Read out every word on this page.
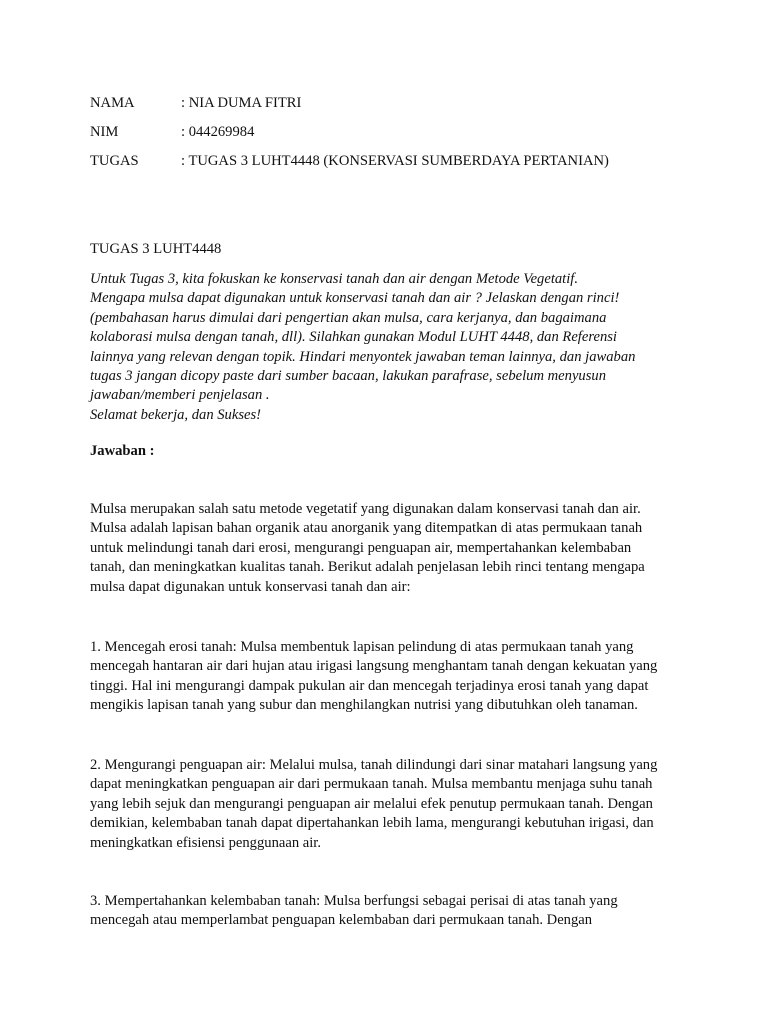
NAMA	: NIA DUMA FITRI
NIM	: 044269984
TUGAS	: TUGAS 3 LUHT4448 (KONSERVASI SUMBERDAYA PERTANIAN)
TUGAS 3 LUHT4448

Untuk Tugas 3, kita fokuskan ke konservasi tanah dan air dengan Metode Vegetatif.

Mengapa mulsa dapat digunakan untuk konservasi tanah dan air ? Jelaskan dengan rinci!

(pembahasan harus dimulai dari pengertian akan mulsa, cara kerjanya, dan bagaimana

kolaborasi mulsa dengan tanah, dll). Silahkan gunakan Modul LUHT 4448, dan Referensi

lainnya yang relevan dengan topik. Hindari menyontek jawaban teman lainnya, dan jawaban

tugas 3 jangan dicopy paste dari sumber bacaan, lakukan parafrase, sebelum menyusun

jawaban/memberi penjelasan .

Selamat bekerja, dan Sukses!

Jawaban :

Mulsa merupakan salah satu metode vegetatif yang digunakan dalam konservasi tanah dan air.

Mulsa adalah lapisan bahan organik atau anorganik yang ditempatkan di atas permukaan tanah

untuk melindungi tanah dari erosi, mengurangi penguapan air, mempertahankan kelembaban

tanah, dan meningkatkan kualitas tanah. Berikut adalah penjelasan lebih rinci tentang mengapa

mulsa dapat digunakan untuk konservasi tanah dan air:

1. Mencegah erosi tanah: Mulsa membentuk lapisan pelindung di atas permukaan tanah yang

mencegah hantaran air dari hujan atau irigasi langsung menghantam tanah dengan kekuatan yang

tinggi. Hal ini mengurangi dampak pukulan air dan mencegah terjadinya erosi tanah yang dapat

mengikis lapisan tanah yang subur dan menghilangkan nutrisi yang dibutuhkan oleh tanaman.

2. Mengurangi penguapan air: Melalui mulsa, tanah dilindungi dari sinar matahari langsung yang

dapat meningkatkan penguapan air dari permukaan tanah. Mulsa membantu menjaga suhu tanah

yang lebih sejuk dan mengurangi penguapan air melalui efek penutup permukaan tanah. Dengan

demikian, kelembaban tanah dapat dipertahankan lebih lama, mengurangi kebutuhan irigasi, dan

meningkatkan efisiensi penggunaan air.

3. Mempertahankan kelembaban tanah: Mulsa berfungsi sebagai perisai di atas tanah yang

mencegah atau memperlambat penguapan kelembaban dari permukaan tanah. Dengan
